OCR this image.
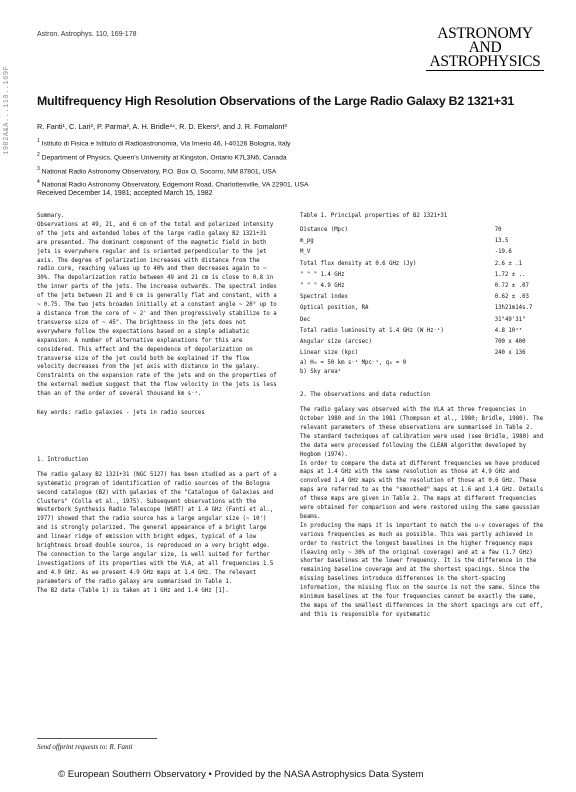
1982A&A...110..169F
Astron. Astrophys. 110, 169-178	ASTRONOMY
AND
ASTROPHYSICS
Multifrequency High Resolution Observations of the Large Radio Galaxy B2 1321+31
R. Fanti¹, C. Lari², P. Parma², A. H. Bridle³⁴, R. D. Ekers³, and J. R. Fomalont³
$^1$ Istituto di Fisica e Istituto di Radioastronomia, Via Irnerio 46, I-40126 Bologna, Italy
$^2$ Department of Physics, Queen's University at Kingston, Ontario K7L3N6, Canada
$^3$ National Radio Astronomy Observatory, P.O. Box O, Socorro, NM 87801, USA
$^4$ National Radio Astronomy Observatory, Edgemont Road, Charlottesville, VA 22901, USA
Received December 14, 1981; accepted March 15, 1982

Summary.

Observations at 49, 21, and 6 cm of the total and polarized intensity of the jets and extended lobes of the large radio galaxy B2 1321+31 are presented. The dominant component of the magnetic field in both jets is everywhere regular and is oriented perpendicular to the jet axis. The degree of polarization increases with distance from the radio core, reaching values up to 40% and then decreases again to ~ 30%. The depolarization ratio between 49 and 21 cm is close to 0.8 in the inner parts of the jets. The increase outwards. The spectral index of the jets between 21 and 6 cm is generally flat and constant, with a ~ 0.75. The two jets broaden initially at a constant angle ~ 20° up to a distance from the core of ~ 2' and then progressively stabilize to a transverse size of ~ 45". The brightness in the jets does not everywhere follow the expectations based on a simple adiabatic expansion. A number of alternative explanations for this are considered. This effect and the dependence of depolarization on transverse size of the jet could both be explained if the flow velocity decreases from the jet axis with distance in the galaxy. Constraints on the expansion rate of the jets and on the properties of the external medium suggest that the flow velocity in the jets is less than an of the order of several thousand km s⁻¹.

Key words: radio galaxies - jets in radio sources

1. Introduction

The radio galaxy B2 1321+31 (NGC 5127) has been studied as a part of a systematic program of identification of radio sources of the Bologna second catalogue (B2) with galaxies of the "Catalogue of Galaxies and Clusters" (Colla et al., 1975). Subsequent observations with the Westerbork Synthesis Radio Telescope (WSRT) at 1.4 GHz (Fanti et al., 1977) showed that the radio source has a large angular size (~ 10') and is strongly polarized. The general appearance of a bright large and linear ridge of emission with bright edges, typical of a low brightness broad double source, is reproduced on a very bright edge.

The connection to the large angular size, is well suited for further investigations of its properties with the VLA, at all frequencies 1.5 and 4.9 GHz. As we present 4.9 GHz maps at 1.4 GHz. The relevant parameters of the radio galaxy are summarised in Table 1.

The B2 data (Table 1) is taken at 1 GHz and 1.4 GHz [1].

Table 1. Principal properties of B2 1321+31

Distance (Mpc)	70
m_pg	13.5
M_V	-19.6
Total flux density at 0.6 GHz (Jy)	2.6 ± .1
" " " 1.4 GHz	1.72 ± ..
" " " 4.9 GHz	0.72 ± .07
Spectral index	0.62 ± .03
Optical position, RA	13h21m14s.7
Dec	31°49'31"
Total radio luminosity at 1.4 GHz (W Hz⁻¹)	4.8 10²³
Angular size (arcsec)	700 x 400
Linear size (kpc)	240 x 136

a) H₀ = 50 km s⁻¹ Mpc⁻¹, q₀ = 0

b) Sky area²

2. The observations and data reduction

The radio galaxy was observed with the VLA at three frequencies in October 1980 and in the 1981 (Thompson et al., 1980; Bridle, 1980). The relevant parameters of these observations are summarised in Table 2. The standard techniques of calibration were used (see Bridle, 1980) and the data were processed following the CLEAN algorithm developed by Hogbom (1974).

In order to compare the data at different frequencies we have produced maps at 1.4 GHz with the same resolution as those at 4.9 GHz and convolved 1.4 GHz maps with the resolution of those at 0.6 GHz. These maps are referred to as the "smoothed" maps at 1.6 and 1.4 GHz. Details of these maps are given in Table 2. The maps at different frequencies were obtained for comparison and were restored using the same gaussian beams.

In producing the maps it is important to match the u-v coverages of the various frequencies as much as possible. This was partly achieved in order to restrict the longest baselines in the higher frequency maps (leaving only ~ 30% of the original coverage) and at a few (1.7 GHz) shorter baselines at the lower frequency. It is the difference in the remaining baseline coverage and at the shortest spacings. Since the missing baselines introduce differences in the short-spacing information, the missing flux on the source is not the same. Since the minimum baselines at the four frequencies cannot be exactly the same, the maps of the smallest differences in the short spacings are cut off, and this is responsible for systematic

Send offprint requests to: R. Fanti
© European Southern Observatory • Provided by the NASA Astrophysics Data System
